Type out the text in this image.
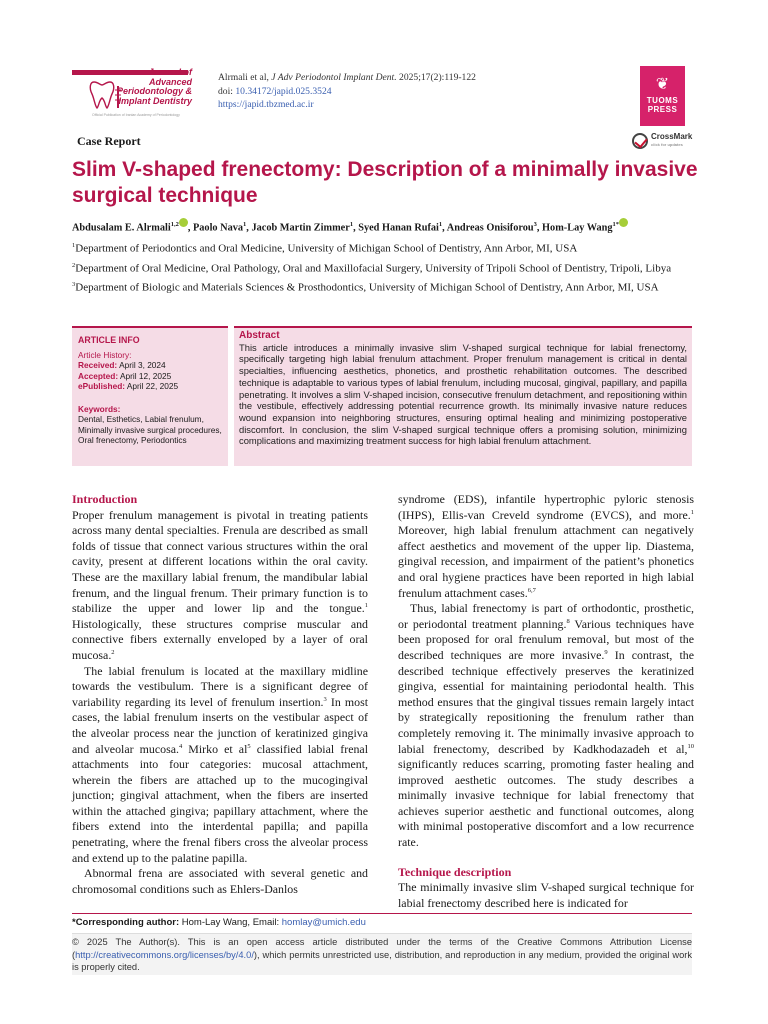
Journal of
Advanced
Periodontology &
Implant Dentistry
Official Publication of Iranian Academy of Periodontology
Alrmali et al, J Adv Periodontol Implant Dent. 2025;17(2):119-122
doi: 10.34172/japid.025.3524
https://japid.tbzmed.ac.ir
❦
TUOMS
PRESS
Case Report	CrossMark
click for updates
Slim V-shaped frenectomy: Description of a minimally invasive surgical technique
Abdusalam E. Alrmali$^{1,2}$ , Paolo Nava$^1$, Jacob Martin Zimmer$^1$, Syed Hanan Rufai$^1$, Andreas Onisiforou$^3$, Hom-Lay Wang$^{1*}$

$^1$Department of Periodontics and Oral Medicine, University of Michigan School of Dentistry, Ann Arbor, MI, USA

$^2$Department of Oral Medicine, Oral Pathology, Oral and Maxillofacial Surgery, University of Tripoli School of Dentistry, Tripoli, Libya

$^3$Department of Biologic and Materials Sciences & Prosthodontics, University of Michigan School of Dentistry, Ann Arbor, MI, USA

ARTICLE INFO
Article History:
Received: April 3, 2024
Accepted: April 12, 2025
ePublished: April 22, 2025
Keywords:
Dental, Esthetics, Labial frenulum, Minimally invasive surgical procedures, Oral frenectomy, Periodontics
Abstract
This article introduces a minimally invasive slim V-shaped surgical technique for labial frenectomy, specifically targeting high labial frenulum attachment. Proper frenulum management is critical in dental specialties, influencing aesthetics, phonetics, and prosthetic rehabilitation outcomes. The described technique is adaptable to various types of labial frenulum, including mucosal, gingival, papillary, and papilla penetrating. It involves a slim V-shaped incision, consecutive frenulum detachment, and repositioning within the vestibule, effectively addressing potential recurrence growth. Its minimally invasive nature reduces wound expansion into neighboring structures, ensuring optimal healing and minimizing postoperative discomfort. In conclusion, the slim V-shaped surgical technique offers a promising solution, minimizing complications and maximizing treatment success for high labial frenulum attachment.
Introduction

Proper frenulum management is pivotal in treating patients across many dental specialties. Frenula are described as small folds of tissue that connect various structures within the oral cavity, present at different locations within the oral cavity. These are the maxillary labial frenum, the mandibular labial frenum, and the lingual frenum. Their primary function is to stabilize the upper and lower lip and the tongue.$^1$ Histologically, these structures comprise muscular and connective fibers externally enveloped by a layer of oral mucosa.$^2$

The labial frenulum is located at the maxillary midline towards the vestibulum. There is a significant degree of variability regarding its level of frenulum insertion.$^3$ In most cases, the labial frenulum inserts on the vestibular aspect of the alveolar process near the junction of keratinized gingiva and alveolar mucosa.$^4$ Mirko et $al^5$ classified labial frenal attachments into four categories: mucosal attachment, wherein the fibers are attached up to the mucogingival junction; gingival attachment, when the fibers are inserted within the attached gingiva; papillary attachment, where the fibers extend into the interdental papilla; and papilla penetrating, where the frenal fibers cross the alveolar process and extend up to the palatine papilla.

Abnormal frena are associated with several genetic and chromosomal conditions such as Ehlers-Danlos

syndrome (EDS), infantile hypertrophic pyloric stenosis (IHPS), Ellis-van Creveld syndrome (EVCS), and more.$^1$ Moreover, high labial frenulum attachment can negatively affect aesthetics and movement of the upper lip. Diastema, gingival recession, and impairment of the patient’s phonetics and oral hygiene practices have been reported in high labial frenulum attachment cases.$^{6,7}$

Thus, labial frenectomy is part of orthodontic, prosthetic, or periodontal treatment planning.$^8$ Various techniques have been proposed for oral frenulum removal, but most of the described techniques are more invasive.$^9$ In contrast, the described technique effectively preserves the keratinized gingiva, essential for maintaining periodontal health. This method ensures that the gingival tissues remain largely intact by strategically repositioning the frenulum rather than completely removing it. The minimally invasive approach to labial frenectomy, described by Kadkhodazadeh et al,$^{10}$ significantly reduces scarring, promoting faster healing and improved aesthetic outcomes. The study describes a minimally invasive technique for labial frenectomy that achieves superior aesthetic and functional outcomes, along with minimal postoperative discomfort and a low recurrence rate.

Technique description

The minimally invasive slim V-shaped surgical technique for labial frenectomy described here is indicated for

*Corresponding author: Hom-Lay Wang, Email: homlay@umich.edu
© 2025 The Author(s). This is an open access article distributed under the terms of the Creative Commons Attribution License (http://creativecommons.org/licenses/by/4.0/), which permits unrestricted use, distribution, and reproduction in any medium, provided the original work is properly cited.
